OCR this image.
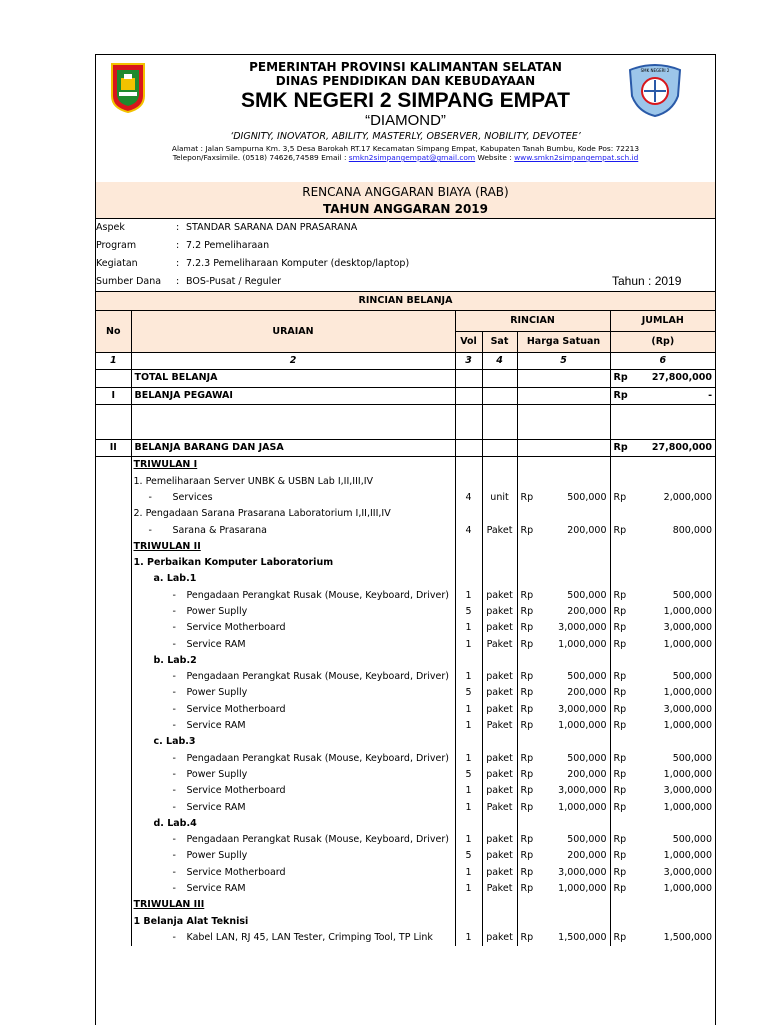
SMK NEGERI 2
PEMERINTAH PROVINSI KALIMANTAN SELATAN
DINAS PENDIDIKAN DAN KEBUDAYAAN
SMK NEGERI 2 SIMPANG EMPAT
“DIAMOND”
‘DIGNITY, INOVATOR, ABILITY, MASTERLY, OBSERVER, NOBILITY, DEVOTEE’
Alamat : Jalan Sampurna Km. 3,5 Desa Barokah RT.17 Kecamatan Simpang Empat, Kabupaten Tanah Bumbu, Kode Pos: 72213
Telepon/Faxsimile. (0518) 74626,74589 Email : smkn2simpangempat@gmail.com Website : www.smkn2simpangempat.sch.id
RENCANA ANGGARAN BIAYA (RAB)
TAHUN ANGGARAN 2019
Aspek	: STANDAR SARANA DAN PRASARANA
Program	: 7.2 Pemeliharaan
Kegiatan	: 7.2.3 Pemeliharaan Komputer (desktop/laptop)
Sumber Dana : BOS-Pusat / Reguler	Tahun : 2019
RINCIAN BELANJA
No	URAIAN	RINCIAN			JUMLAH
		Vol	Sat	Harga Satuan	(Rp)
1	2	3	4	5	6
	TOTAL BELANJA				Rp 27,800,000

I	BELANJA PEGAWAI				Rp -

II	BELANJA BARANG DAN JASA				Rp 27,800,000

	TRIWULAN I				
	1. Pemeliharaan Server UNBK & USBN Lab I,II,III,IV				
	- Services	4	unit	Rp 500,000	Rp 2,000,000

	2. Pengadaan Sarana Prasarana Laboratorium I,II,III,IV				
	- Sarana & Prasarana	4	Paket	Rp 200,000	Rp 800,000

	TRIWULAN II				
	1. Perbaikan Komputer Laboratorium				
	a. Lab.1				
	- Pengadaan Perangkat Rusak (Mouse, Keyboard, Driver)	1	paket	Rp 500,000	Rp 500,000

	- Power Suplly	5	paket	Rp 200,000	Rp 1,000,000

	- Service Motherboard	1	paket	Rp 3,000,000	Rp 3,000,000

	- Service RAM	1	Paket	Rp 1,000,000	Rp 1,000,000

	b. Lab.2				
	- Pengadaan Perangkat Rusak (Mouse, Keyboard, Driver)	1	paket	Rp 500,000	Rp 500,000

	- Power Suplly	5	paket	Rp 200,000	Rp 1,000,000

	- Service Motherboard	1	paket	Rp 3,000,000	Rp 3,000,000

	- Service RAM	1	Paket	Rp 1,000,000	Rp 1,000,000

	c. Lab.3				
	- Pengadaan Perangkat Rusak (Mouse, Keyboard, Driver)	1	paket	Rp 500,000	Rp 500,000

	- Power Suplly	5	paket	Rp 200,000	Rp 1,000,000

	- Service Motherboard	1	paket	Rp 3,000,000	Rp 3,000,000

	- Service RAM	1	Paket	Rp 1,000,000	Rp 1,000,000

	d. Lab.4				
	- Pengadaan Perangkat Rusak (Mouse, Keyboard, Driver)	1	paket	Rp 500,000	Rp 500,000

	- Power Suplly	5	paket	Rp 200,000	Rp 1,000,000

	- Service Motherboard	1	paket	Rp 3,000,000	Rp 3,000,000

	- Service RAM	1	Paket	Rp 1,000,000	Rp 1,000,000

	TRIWULAN III				
	1 Belanja Alat Teknisi				
	- Kabel LAN, RJ 45, LAN Tester, Crimping Tool, TP Link	1	paket	Rp 1,500,000	Rp 1,500,000
